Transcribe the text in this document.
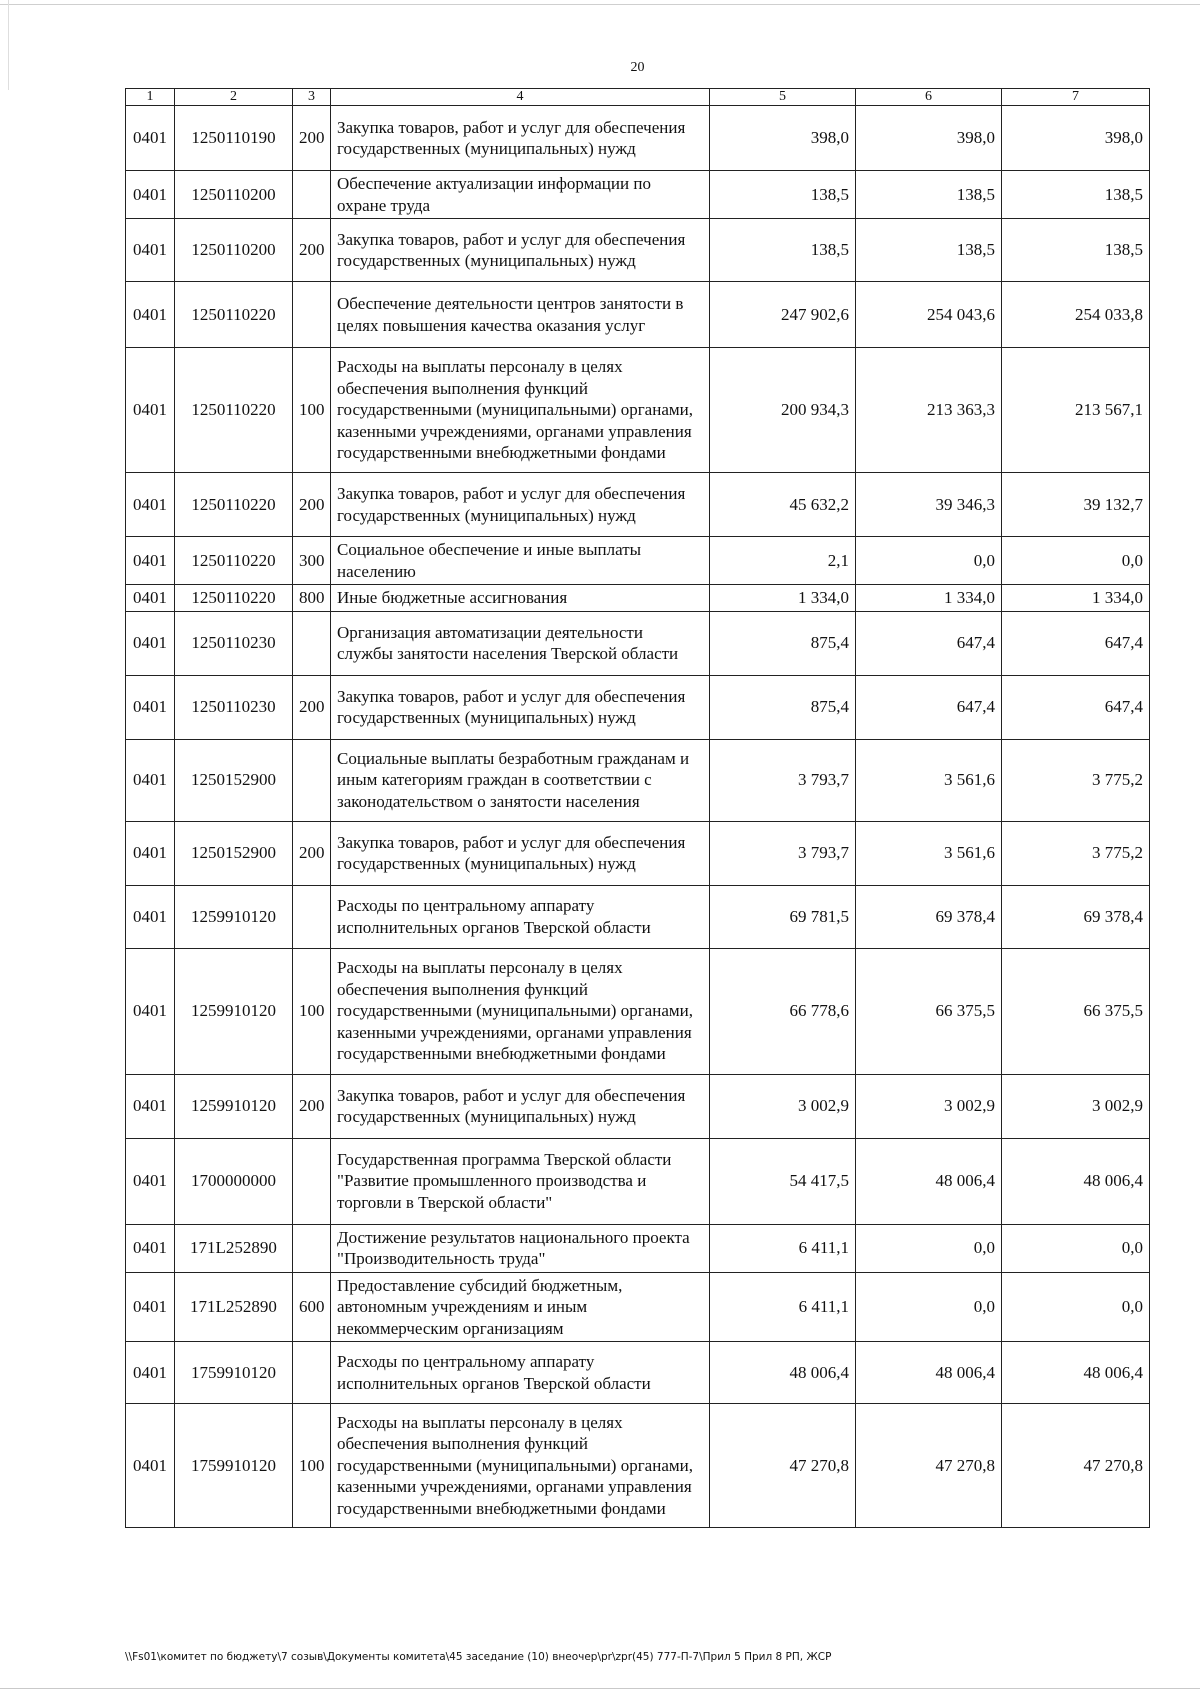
20
1	2	3	4	5	6	7
0401	1250110190	200	Закупка товаров, работ и услуг для обеспечения государственных (муниципальных) нужд	398,0	398,0	398,0
0401	1250110200		Обеспечение актуализации информации по охране труда	138,5	138,5	138,5
0401	1250110200	200	Закупка товаров, работ и услуг для обеспечения государственных (муниципальных) нужд	138,5	138,5	138,5
0401	1250110220		Обеспечение деятельности центров занятости в целях повышения качества оказания услуг	247 902,6	254 043,6	254 033,8
0401	1250110220	100	Расходы на выплаты персоналу в целях обеспечения выполнения функций государственными (муниципальными) органами, казенными учреждениями, органами управления государственными внебюджетными фондами	200 934,3	213 363,3	213 567,1
0401	1250110220	200	Закупка товаров, работ и услуг для обеспечения государственных (муниципальных) нужд	45 632,2	39 346,3	39 132,7
0401	1250110220	300	Социальное обеспечение и иные выплаты населению	2,1	0,0	0,0
0401	1250110220	800	Иные бюджетные ассигнования	1 334,0	1 334,0	1 334,0
0401	1250110230		Организация автоматизации деятельности службы занятости населения Тверской области	875,4	647,4	647,4
0401	1250110230	200	Закупка товаров, работ и услуг для обеспечения государственных (муниципальных) нужд	875,4	647,4	647,4
0401	1250152900		Социальные выплаты безработным гражданам и иным категориям граждан в соответствии с законодательством о занятости населения	3 793,7	3 561,6	3 775,2
0401	1250152900	200	Закупка товаров, работ и услуг для обеспечения государственных (муниципальных) нужд	3 793,7	3 561,6	3 775,2
0401	1259910120		Расходы по центральному аппарату исполнительных органов Тверской области	69 781,5	69 378,4	69 378,4
0401	1259910120	100	Расходы на выплаты персоналу в целях обеспечения выполнения функций государственными (муниципальными) органами, казенными учреждениями, органами управления государственными внебюджетными фондами	66 778,6	66 375,5	66 375,5
0401	1259910120	200	Закупка товаров, работ и услуг для обеспечения государственных (муниципальных) нужд	3 002,9	3 002,9	3 002,9
0401	1700000000		Государственная программа Тверской области "Развитие промышленного производства и торговли в Тверской области"	54 417,5	48 006,4	48 006,4
0401	171L252890		Достижение результатов национального проекта "Производительность труда"	6 411,1	0,0	0,0
0401	171L252890	600	Предоставление субсидий бюджетным, автономным учреждениям и иным некоммерческим организациям	6 411,1	0,0	0,0
0401	1759910120		Расходы по центральному аппарату исполнительных органов Тверской области	48 006,4	48 006,4	48 006,4
0401	1759910120	100	Расходы на выплаты персоналу в целях обеспечения выполнения функций государственными (муниципальными) органами, казенными учреждениями, органами управления государственными внебюджетными фондами	47 270,8	47 270,8	47 270,8
\\Fs01\комитет по бюджету\7 созыв\Документы комитета\45 заседание (10) внеочер\pr\zpr(45) 777-П-7\Прил 5 Прил 8 РП, ЖСР
